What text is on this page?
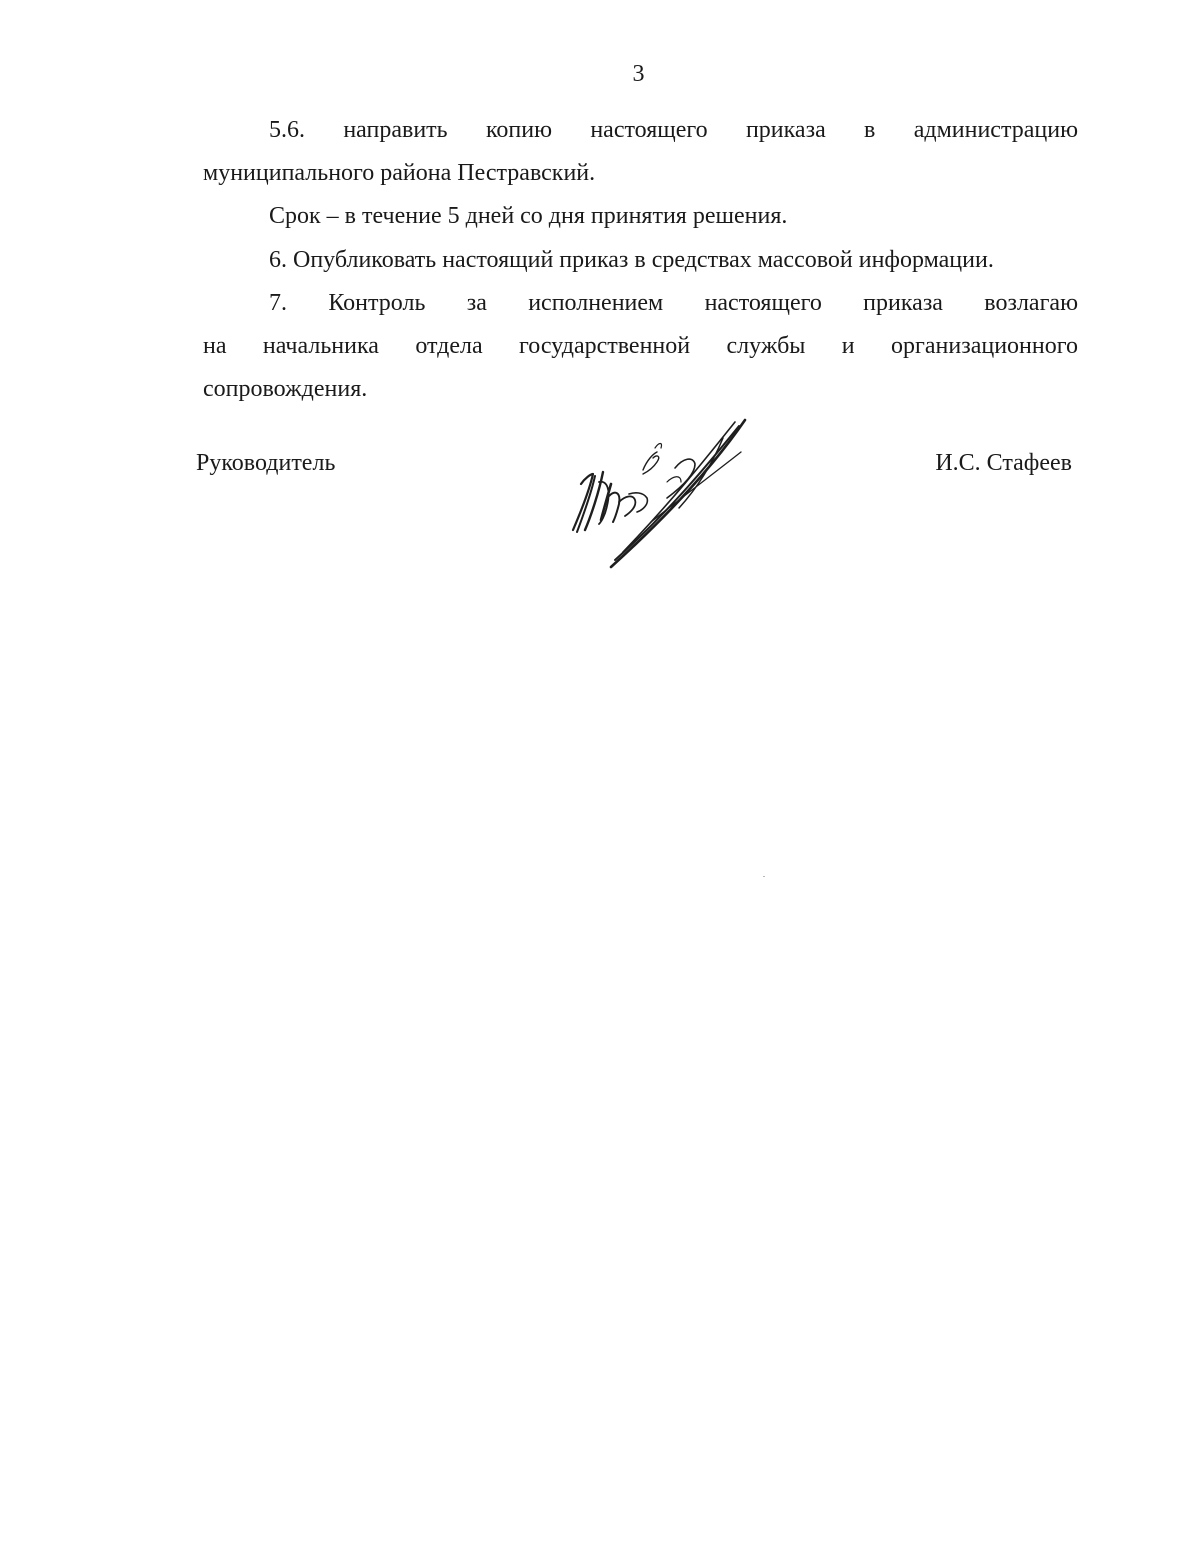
3
5.6. направить копию настоящего приказа в администрацию
муниципального района Пестравский.
Срок – в течение 5 дней со дня принятия решения.
6. Опубликовать настоящий приказ в средствах массовой информации.
7. Контроль за исполнением настоящего приказа возлагаю
на начальника отдела государственной службы и организационного
сопровождения.
Руководитель	И.С. Стафеев
